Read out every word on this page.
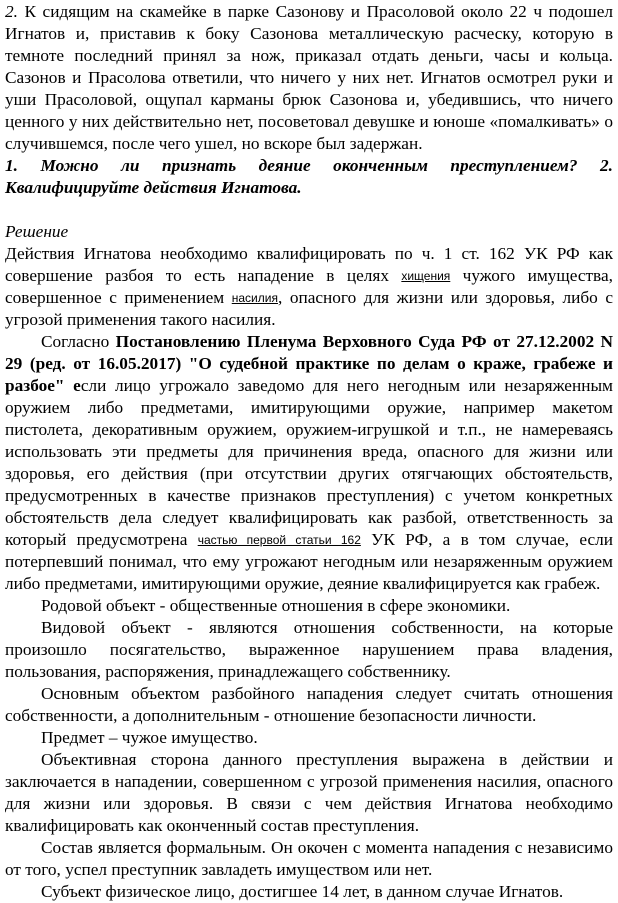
2. К сидящим на скамейке в парке Сазонову и Прасоловой около 22 ч подошел Игнатов и, приставив к боку Сазонова металлическую расческу, которую в темноте последний принял за нож, приказал отдать деньги, часы и кольца. Сазонов и Прасолова ответили, что ничего у них нет. Игнатов осмотрел руки и уши Прасоловой, ощупал карманы брюк Сазонова и, убедившись, что ничего ценного у них действительно нет, посоветовал девушке и юноше «помалкивать» о случившемся, после чего ушел, но вскоре был задержан.

1. Можно ли признать деяние оконченным преступлением? 2. Квалифицируйте действия Игнатова.

Решение

Действия Игнатова необходимо квалифицировать по ч. 1 ст. 162 УК РФ как совершение разбоя то есть нападение в целях хищения чужого имущества, совершенное с применением насилия, опасного для жизни или здоровья, либо с угрозой применения такого насилия.

Согласно Постановлению Пленума Верховного Суда РФ от 27.12.2002 N 29 (ред. от 16.05.2017) "О судебной практике по делам о краже, грабеже и разбое" если лицо угрожало заведомо для него негодным или незаряженным оружием либо предметами, имитирующими оружие, например макетом пистолета, декоративным оружием, оружием-игрушкой и т.п., не намереваясь использовать эти предметы для причинения вреда, опасного для жизни или здоровья, его действия (при отсутствии других отягчающих обстоятельств, предусмотренных в качестве признаков преступления) с учетом конкретных обстоятельств дела следует квалифицировать как разбой, ответственность за который предусмотрена частью первой статьи 162 УК РФ, а в том случае, если потерпевший понимал, что ему угрожают негодным или незаряженным оружием либо предметами, имитирующими оружие, деяние квалифицируется как грабеж.

Родовой объект - общественные отношения в сфере экономики.

Видовой объект - являются отношения собственности, на которые произошло посягательство, выраженное нарушением права владения, пользования, распоряжения, принадлежащего собственнику.

Основным объектом разбойного нападения следует считать отношения собственности, а дополнительным - отношение безопасности личности.

Предмет – чужое имущество.

Объективная сторона данного преступления выражена в действии и заключается в нападении, совершенном с угрозой применения насилия, опасного для жизни или здоровья. В связи с чем действия Игнатова необходимо квалифицировать как оконченный состав преступления.

Состав является формальным. Он окочен с момента нападения с независимо от того, успел преступник завладеть имуществом или нет.

Субъект физическое лицо, достигшее 14 лет, в данном случае Игнатов.
